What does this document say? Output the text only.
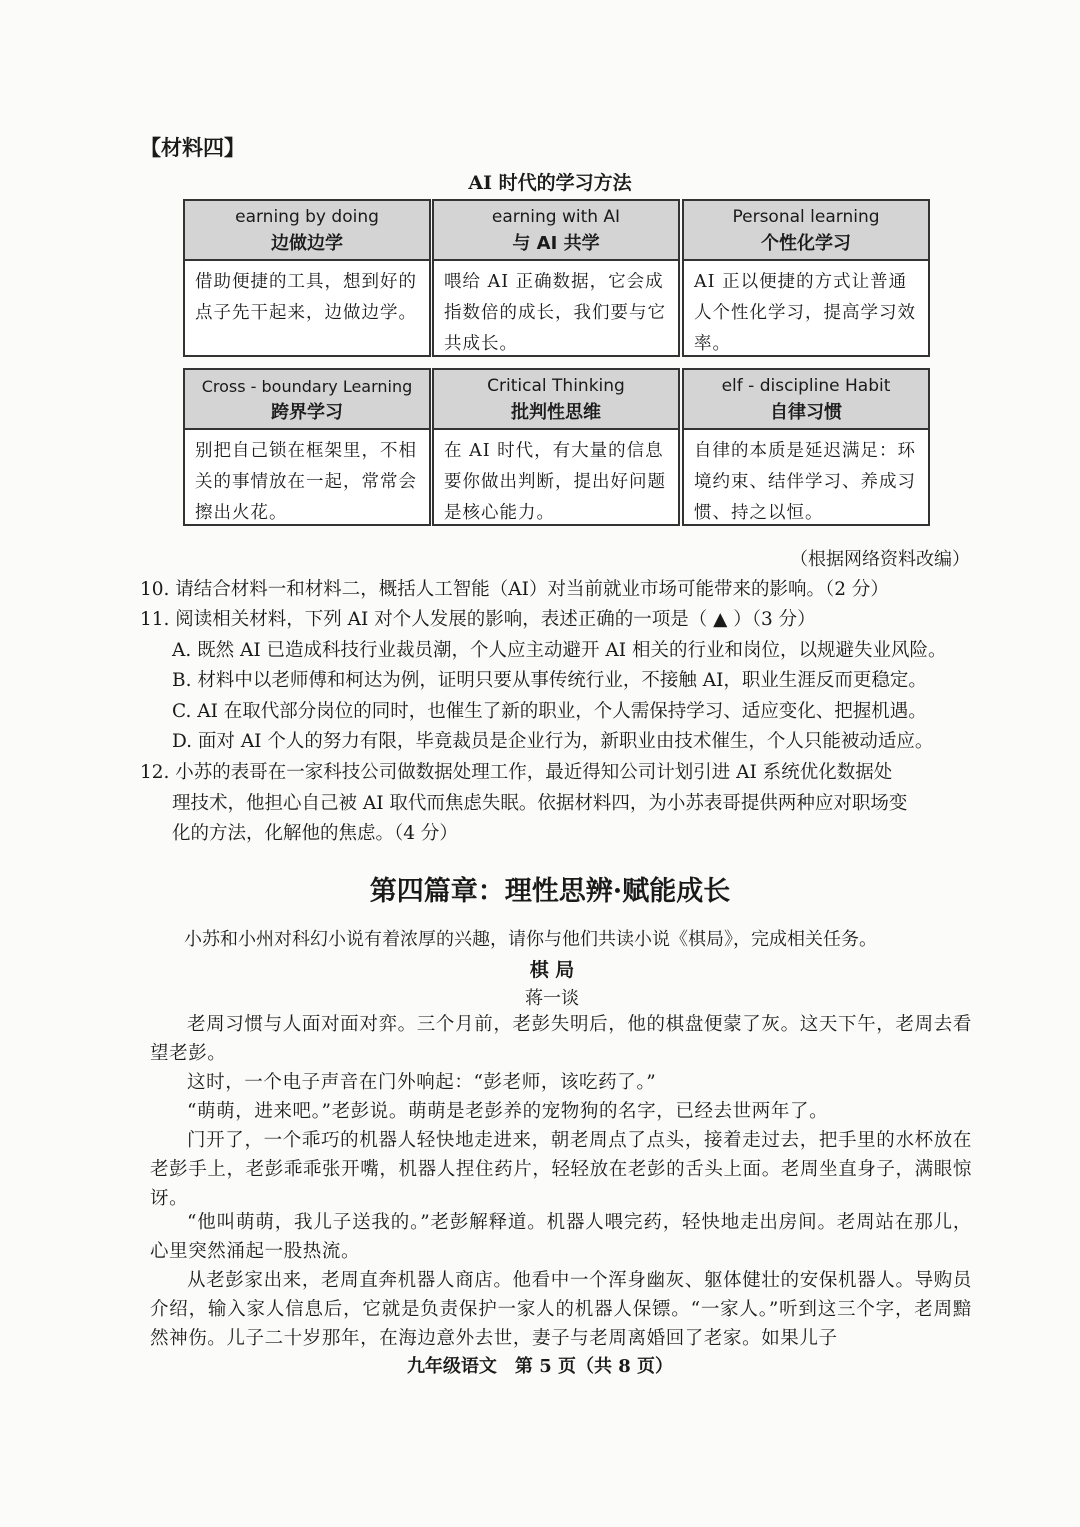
【材料四】
AI 时代的学习方法
earning by doing
边做边学
借助便捷的工具，想到好的点子先干起来，边做边学。
earning with AI
与 AI 共学
喂给 AI 正确数据，它会成指数倍的成长，我们要与它共成长。
Personal learning
个性化学习
AI 正以便捷的方式让普通人个性化学习，提高学习效率。
Cross - boundary Learning
跨界学习
别把自己锁在框架里，不相关的事情放在一起，常常会擦出火花。
Critical Thinking
批判性思维
在 AI 时代，有大量的信息要你做出判断，提出好问题是核心能力。
elf - discipline Habit
自律习惯
自律的本质是延迟满足：环境约束、结伴学习、养成习惯、持之以恒。
（根据网络资料改编）
10. 请结合材料一和材料二，概括人工智能（AI）对当前就业市场可能带来的影响。（2 分）
11. 阅读相关材料，下列 AI 对个人发展的影响，表述正确的一项是（ ▲ ）（3 分）
A. 既然 AI 已造成科技行业裁员潮，个人应主动避开 AI 相关的行业和岗位，以规避失业风险。
B. 材料中以老师傅和柯达为例，证明只要从事传统行业，不接触 AI，职业生涯反而更稳定。
C. AI 在取代部分岗位的同时，也催生了新的职业，个人需保持学习、适应变化、把握机遇。
D. 面对 AI 个人的努力有限，毕竟裁员是企业行为，新职业由技术催生，个人只能被动适应。
12. 小苏的表哥在一家科技公司做数据处理工作，最近得知公司计划引进 AI 系统优化数据处
理技术，他担心自己被 AI 取代而焦虑失眠。依据材料四，为小苏表哥提供两种应对职场变
化的方法，化解他的焦虑。（4 分）
第四篇章：理性思辨·赋能成长
小苏和小州对科幻小说有着浓厚的兴趣，请你与他们共读小说《棋局》，完成相关任务。
棋 局
蒋一谈
老周习惯与人面对面对弈。三个月前，老彭失明后，他的棋盘便蒙了灰。这天下午，老周去看望老彭。
这时，一个电子声音在门外响起：“彭老师，该吃药了。”
“萌萌，进来吧。”老彭说。萌萌是老彭养的宠物狗的名字，已经去世两年了。
门开了，一个乖巧的机器人轻快地走进来，朝老周点了点头，接着走过去，把手里的水杯放在老彭手上，老彭乖乖张开嘴，机器人捏住药片，轻轻放在老彭的舌头上面。老周坐直身子，满眼惊讶。
“他叫萌萌，我儿子送我的。”老彭解释道。机器人喂完药，轻快地走出房间。老周站在那儿，心里突然涌起一股热流。
从老彭家出来，老周直奔机器人商店。他看中一个浑身幽灰、躯体健壮的安保机器人。导购员介绍，输入家人信息后，它就是负责保护一家人的机器人保镖。“一家人。”听到这三个字，老周黯然神伤。儿子二十岁那年，在海边意外去世，妻子与老周离婚回了老家。如果儿子
九年级语文　第 5 页（共 8 页）
